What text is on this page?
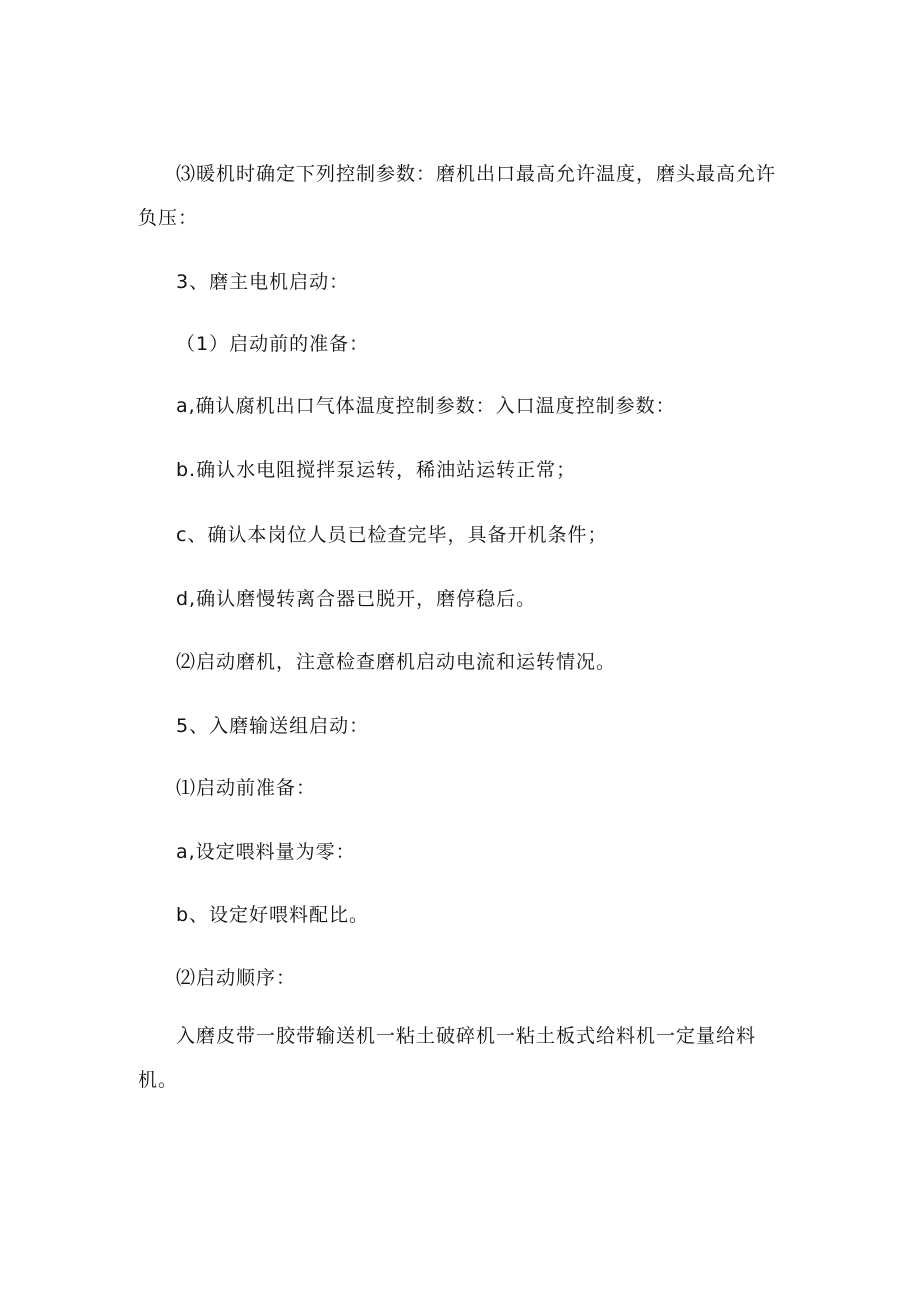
⑶暖机时确定下列控制参数：磨机出口最高允许温度，磨头最高允许
负压：
3、磨主电机启动：
（1）启动前的准备：
a,确认腐机出口气体温度控制参数：入口温度控制参数：
b.确认水电阻搅拌泵运转，稀油站运转正常；
c、确认本岗位人员已检查完毕，具备开机条件；
d,确认磨慢转离合器已脱开，磨停稳后。
⑵启动磨机，注意检查磨机启动电流和运转情况。
5、入磨输送组启动：
⑴启动前准备：
a,设定喂料量为零：
b、设定好喂料配比。
⑵启动顺序：
入磨皮带一胶带输送机一粘土破碎机一粘土板式给料机一定量给料
机。
